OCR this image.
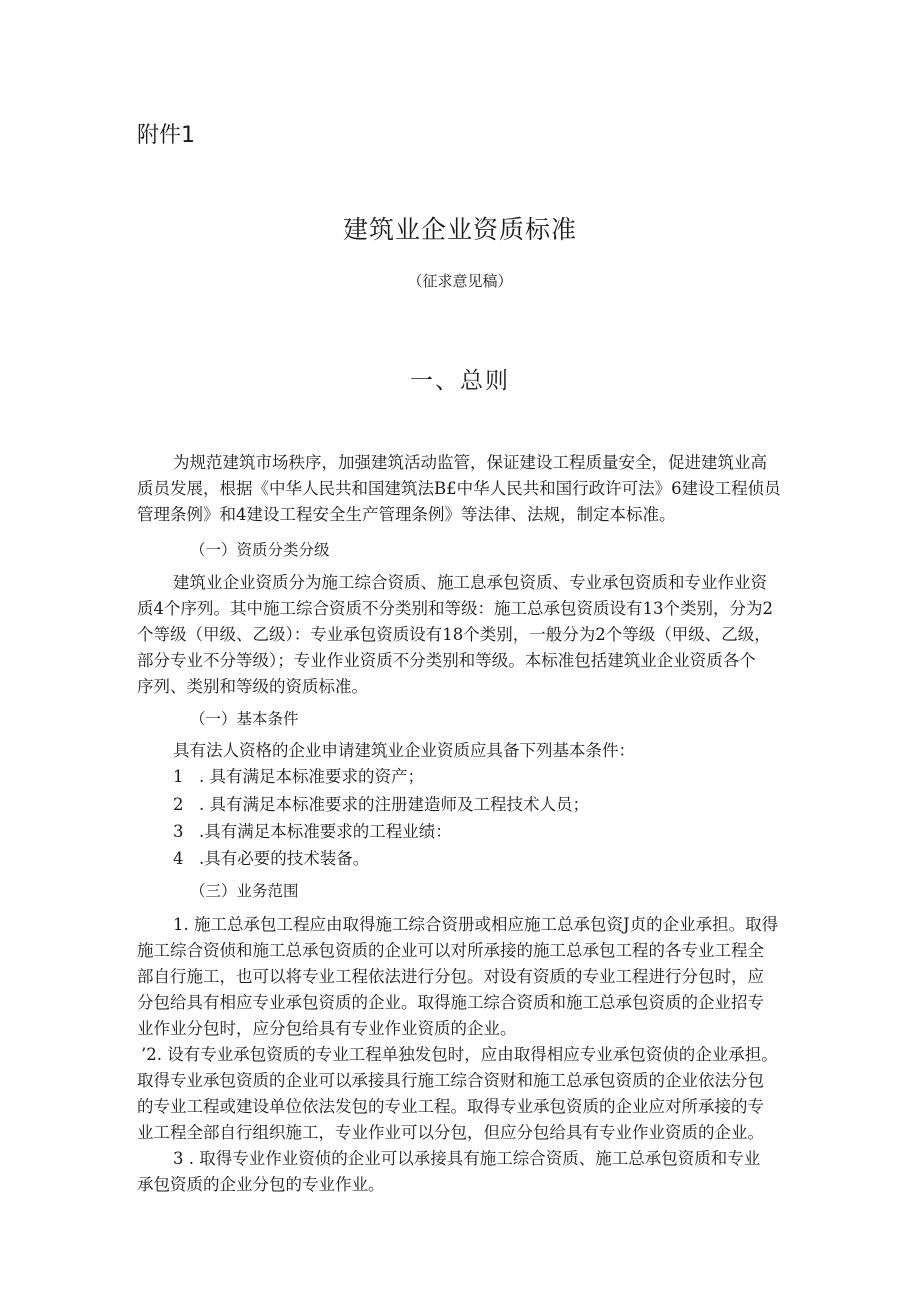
附件1
建筑业企业资质标准
（征求意见稿）
一、总则
为规范建筑市场秩序，加强建筑活动监管，保证建设工程质量安全，促进建筑业高
质员发展，根据《中华人民共和国建筑法B£中华人民共和国行政许可法》6建设工程侦员
管理条例》和4建设工程安全生产管理条例》等法律、法规，制定本标准。
（一）资质分类分级
建筑业企业资质分为施工综合资质、施工息承包资质、专业承包资质和专业作业资
质4个序列。其中施工综合资质不分类别和等级：施工总承包资质设有13个类别，分为2
个等级（甲级、乙级）：专业承包资质设有18个类别，一般分为2个等级（甲级、乙级，
部分专业不分等级）；专业作业资质不分类别和等级。本标准包括建筑业企业资质各个
序列、类别和等级的资质标准。
（一）基本条件
具有法人资格的企业申请建筑业企业资质应具备下列基本条件：
1 . 具有满足本标准要求的资产；
2 . 具有满足本标准要求的注册建造师及工程技术人员；
3 .具有满足本标准要求的工程业绩：
4 .具有必要的技术装备。
（三）业务范围
1. 施工总承包工程应由取得施工综合资册或相应施工总承包资J贞的企业承担。取得
施工综合资侦和施工总承包资质的企业可以对所承接的施工总承包工程的各专业工程全
部自行施工，也可以将专业工程依法进行分包。对设有资质的专业工程进行分包时，应
分包给具有相应专业承包资质的企业。取得施工综合资质和施工总承包资质的企业招专
业作业分包时，应分包给具有专业作业资质的企业。
’2. 设有专业承包资质的专业工程单独发包时，应由取得相应专业承包资侦的企业承担。
取得专业承包资质的企业可以承接具行施工综合资财和施工总承包资质的企业依法分包
的专业工程或建设单位依法发包的专业工程。取得专业承包资质的企业应对所承接的专
业工程全部自行组织施工，专业作业可以分包，但应分包给具有专业作业资质的企业。
3 . 取得专业作业资侦的企业可以承接具有施工综合资质、施工总承包资质和专业
承包资质的企业分包的专业作业。
